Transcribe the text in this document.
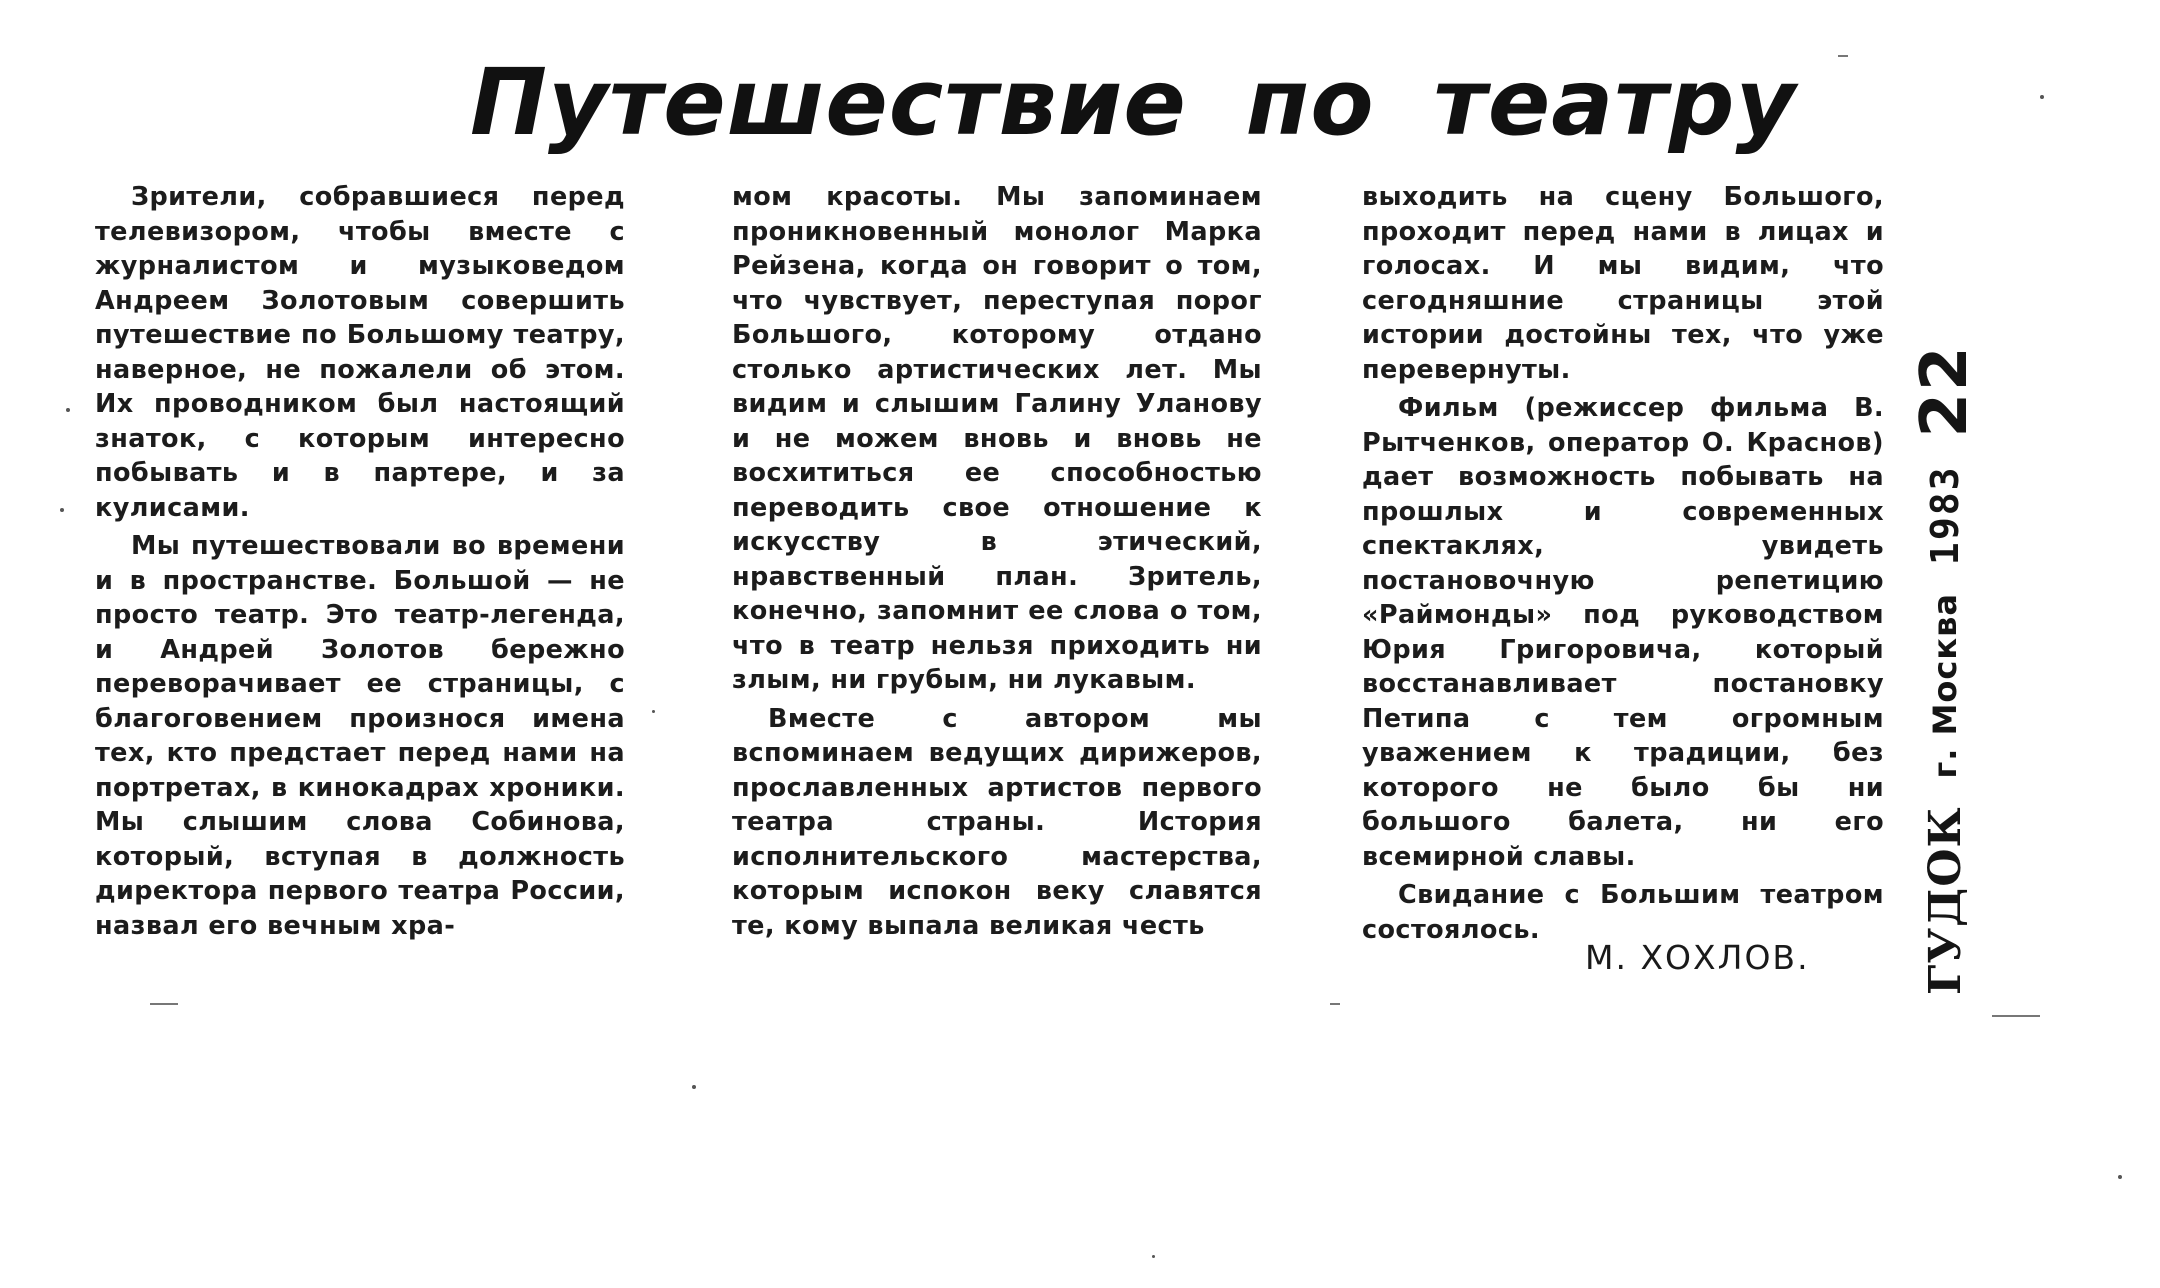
Путешествие по театру

Зрители, собравшиеся перед телевизором, чтобы вместе с журналистом и музыковедом Андреем Золотовым совершить путешествие по Большому театру, наверное, не пожалели об этом. Их проводником был настоящий знаток, с которым интересно побывать и в партере, и за кулисами.

Мы путешествовали во времени и в пространстве. Большой — не просто театр. Это театр-легенда, и Андрей Золотов бережно переворачивает ее страницы, с благоговением произнося имена тех, кто предстает перед нами на портретах, в кинокадрах хроники. Мы слышим слова Собинова, который, вступая в должность директора первого театра России, назвал его вечным хра-

мом красоты. Мы запоминаем проникновенный монолог Марка Рейзена, когда он говорит о том, что чувствует, переступая порог Большого, которому отдано столько артистических лет. Мы видим и слышим Галину Уланову и не можем вновь и вновь не восхититься ее способностью переводить свое отношение к искусству в этический, нравственный план. Зритель, конечно, запомнит ее слова о том, что в театр нельзя приходить ни злым, ни грубым, ни лукавым.

Вместе с автором мы вспоминаем ведущих дирижеров, прославленных артистов первого театра страны. История исполнительского мастерства, которым испокон веку славятся те, кому выпала великая честь

выходить на сцену Большого, проходит перед нами в лицах и голосах. И мы видим, что сегодняшние страницы этой истории достойны тех, что уже перевернуты.

Фильм (режиссер фильма В. Рытченков, оператор О. Краснов) дает возможность побывать на прошлых и современных спектаклях, увидеть постановочную репетицию «Раймонды» под руководством Юрия Григоровича, который восстанавливает постановку Петипа с тем огромным уважением к традиции, без которого не было бы ни большого балета, ни его всемирной славы.

Свидание с Большим театром состоялось.

М. ХОХЛОВ. ГУДОК
г. Москва
1983
22
